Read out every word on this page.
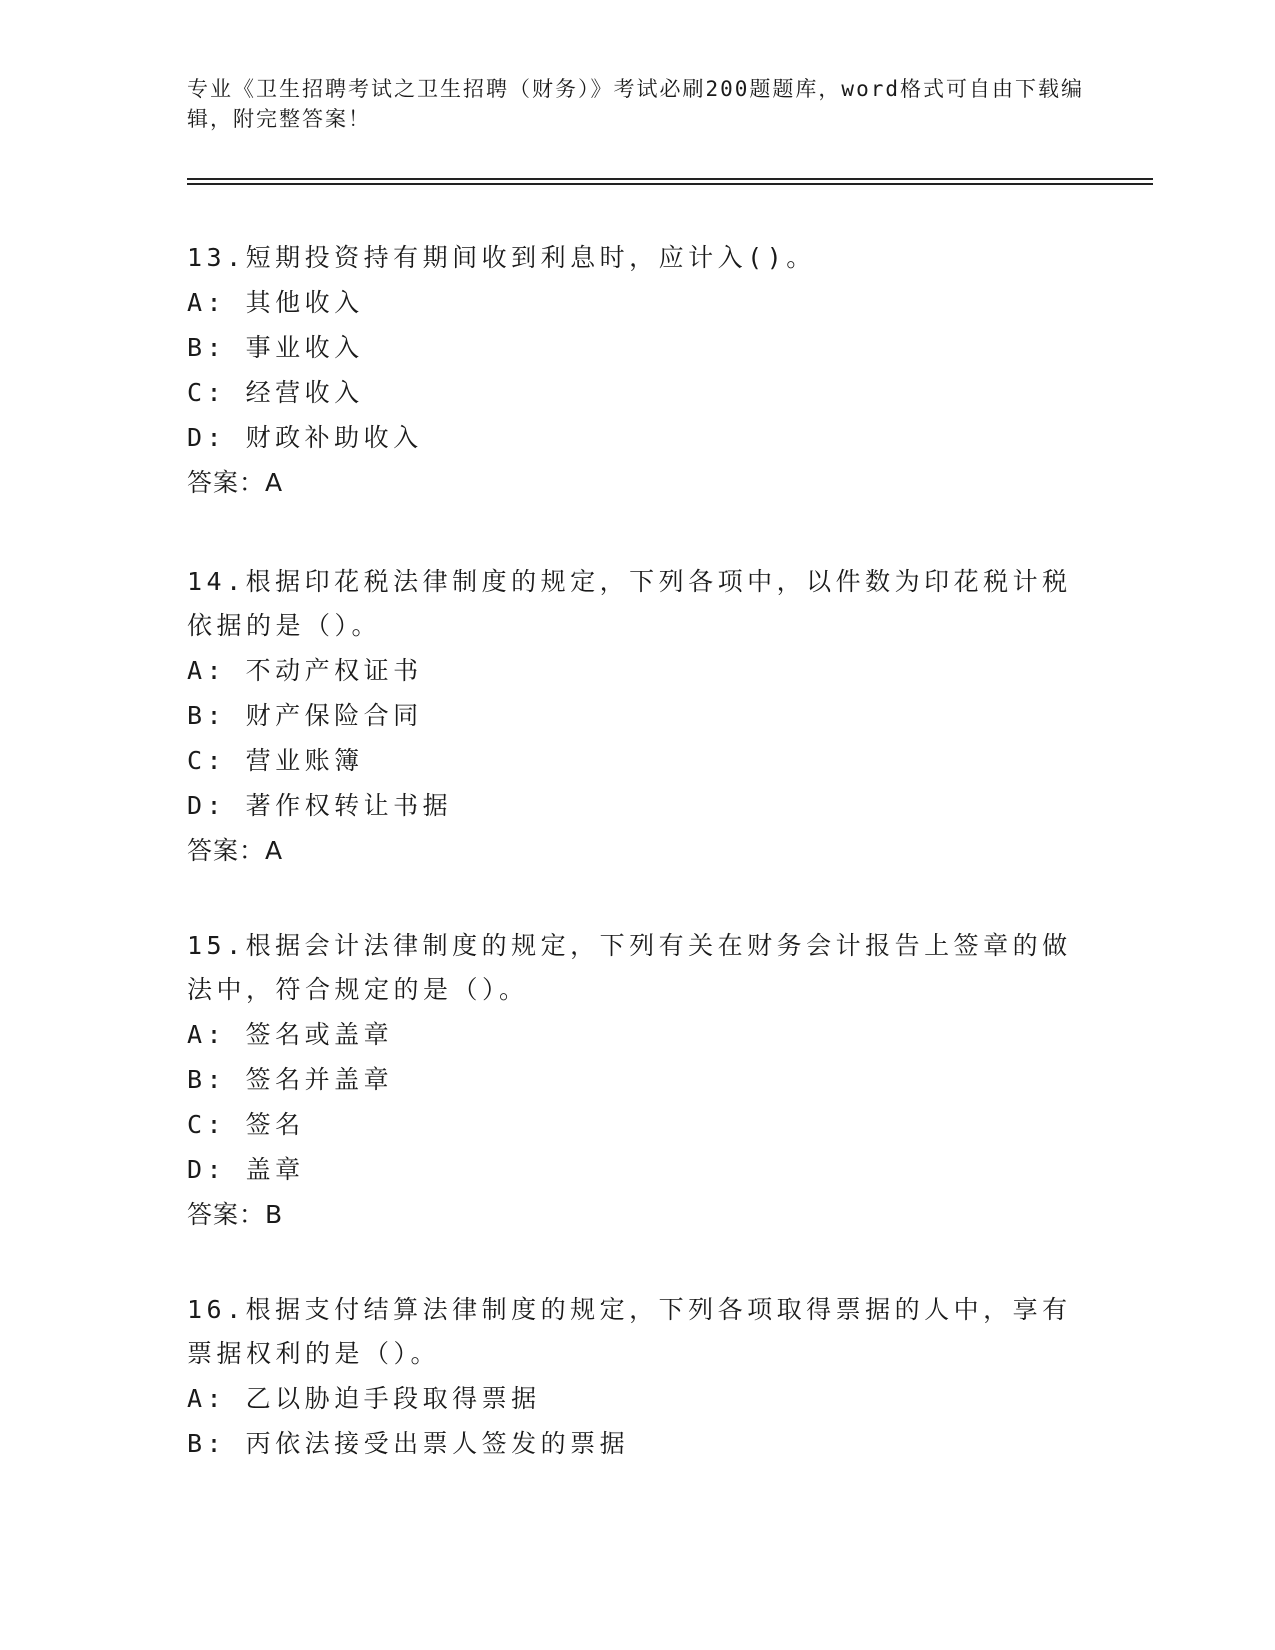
专业《卫生招聘考试之卫生招聘（财务）》考试必刷200题题库，word格式可自由下载编辑，附完整答案！
13.短期投资持有期间收到利息时，应计入()。
A: 其他收入
B: 事业收入
C: 经营收入
D: 财政补助收入
答案：A
14.根据印花税法律制度的规定，下列各项中，以件数为印花税计税依据的是（）。
A: 不动产权证书
B: 财产保险合同
C: 营业账簿
D: 著作权转让书据
答案：A
15.根据会计法律制度的规定，下列有关在财务会计报告上签章的做法中，符合规定的是（）。
A: 签名或盖章
B: 签名并盖章
C: 签名
D: 盖章
答案：B
16.根据支付结算法律制度的规定，下列各项取得票据的人中，享有票据权利的是（）。
A: 乙以胁迫手段取得票据
B: 丙依法接受出票人签发的票据
